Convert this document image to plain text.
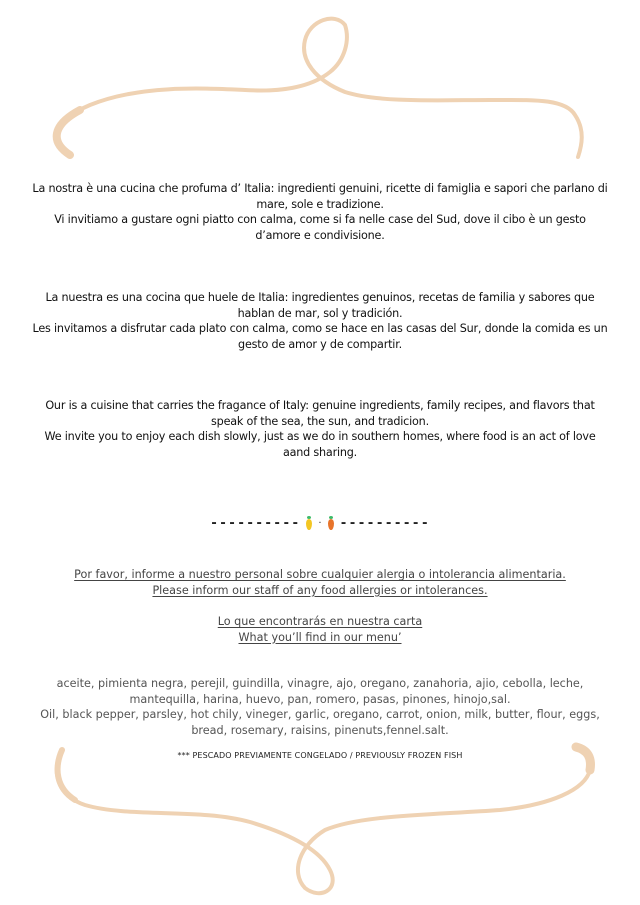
La nostra è una cucina che profuma d’ Italia: ingredienti genuini, ricette di famiglia e sapori che parlano di mare, sole e tradizione.

Vi invitiamo a gustare ogni piatto con calma, come si fa nelle case del Sud, dove il cibo è un gesto d’amore e condivisione.

La nuestra es una cocina que huele de Italia: ingredientes genuinos, recetas de familia y sabores que hablan de mar, sol y tradición.

Les invitamos a disfrutar cada plato con calma, como se hace en las casas del Sur, donde la comida es un gesto de amor y de compartir.

Our is a cuisine that carries the fragance of Italy: genuine ingredients, family recipes, and flavors that speak of the sea, the sun, and tradicion.

We invite you to enjoy each dish slowly, just as we do in southern homes, where food is an act of love aand sharing.

---------- · ----------
Por favor, informe a nuestro personal sobre cualquier alergia o intolerancia alimentaria.
Please inform our staff of any food allergies or intolerances.
Lo que encontrarás en nuestra carta
What you’ll find in our menu’

aceite, pimienta negra, perejil, guindilla, vinagre, ajo, oregano, zanahoria, ajio, cebolla, leche, mantequilla, harina, huevo, pan, romero, pasas, pinones, hinojo,sal.

Oil, black pepper, parsley, hot chily, vineger, garlic, oregano, carrot, onion, milk, butter, flour, eggs, bread, rosemary, raisins, pinenuts,fennel.salt.

*** PESCADO PREVIAMENTE CONGELADO / PREVIOUSLY FROZEN FISH
